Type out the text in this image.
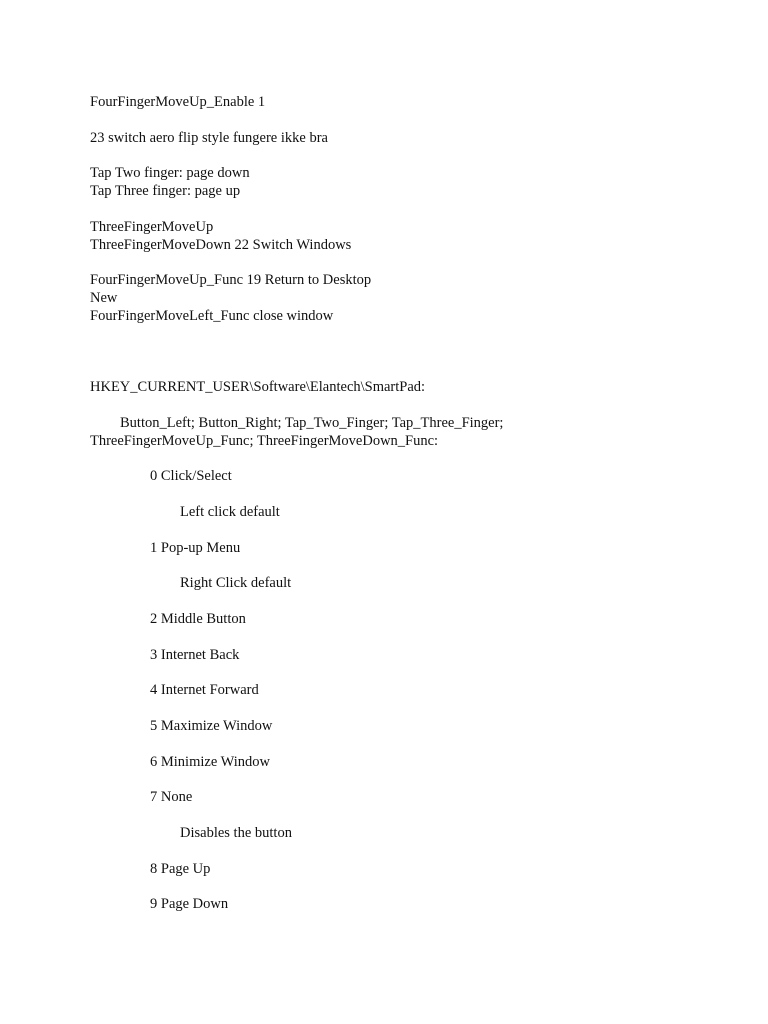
FourFingerMoveUp_Enable 1
23 switch aero flip style fungere ikke bra
Tap Two finger: page down
Tap Three finger: page up
ThreeFingerMoveUp
ThreeFingerMoveDown 22 Switch Windows
FourFingerMoveUp_Func 19 Return to Desktop
New
FourFingerMoveLeft_Func close window
HKEY_CURRENT_USER\Software\Elantech\SmartPad:
Button_Left; Button_Right; Tap_Two_Finger; Tap_Three_Finger;
ThreeFingerMoveUp_Func; ThreeFingerMoveDown_Func:
0 Click/Select
Left click default
1 Pop-up Menu
Right Click default
2 Middle Button
3 Internet Back
4 Internet Forward
5 Maximize Window
6 Minimize Window
7 None
Disables the button
8 Page Up
9 Page Down
